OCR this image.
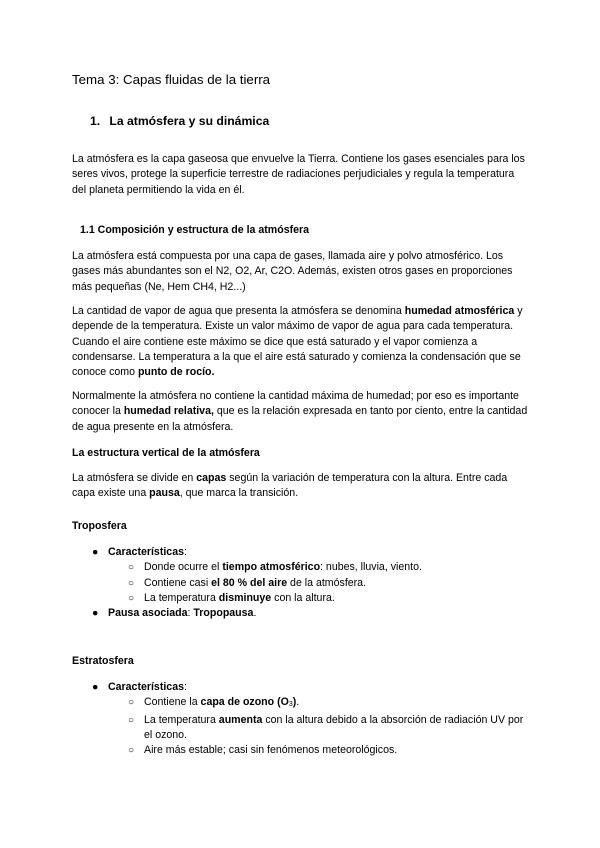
Tema 3: Capas fluidas de la tierra
1. La atmósfera y su dinámica

La atmósfera es la capa gaseosa que envuelve la Tierra. Contiene los gases esenciales para los seres vivos, protege la superficie terrestre de radiaciones perjudiciales y regula la temperatura del planeta permitiendo la vida en él.

1.1 Composición y estructura de la atmósfera

La atmósfera está compuesta por una capa de gases, llamada aire y polvo atmosférico. Los gases más abundantes son el N2, O2, Ar, C2O. Además, existen otros gases en proporciones más pequeñas (Ne, Hem CH4, H2...)

La cantidad de vapor de agua que presenta la atmósfera se denomina humedad atmosférica y depende de la temperatura. Existe un valor máximo de vapor de agua para cada temperatura. Cuando el aire contiene este máximo se dice que está saturado y el vapor comienza a condensarse. La temperatura a la que el aire está saturado y comienza la condensación que se conoce como punto de rocío.

Normalmente la atmósfera no contiene la cantidad máxima de humedad; por eso es importante conocer la humedad relativa, que es la relación expresada en tanto por ciento, entre la cantidad de agua presente en la atmósfera.

La estructura vertical de la atmósfera

La atmósfera se divide en capas según la variación de temperatura con la altura. Entre cada capa existe una pausa, que marca la transición.

Troposfera
● Características:
○ Donde ocurre el tiempo atmosférico: nubes, lluvia, viento.
○ Contiene casi el 80 % del aire de la atmósfera.
○ La temperatura disminuye con la altura.
● Pausa asociada: Tropopausa.
Estratosfera
● Características:
○ Contiene la capa de ozono (O3).
○ La temperatura aumenta con la altura debido a la absorción de radiación UV por el ozono.
○ Aire más estable; casi sin fenómenos meteorológicos.
